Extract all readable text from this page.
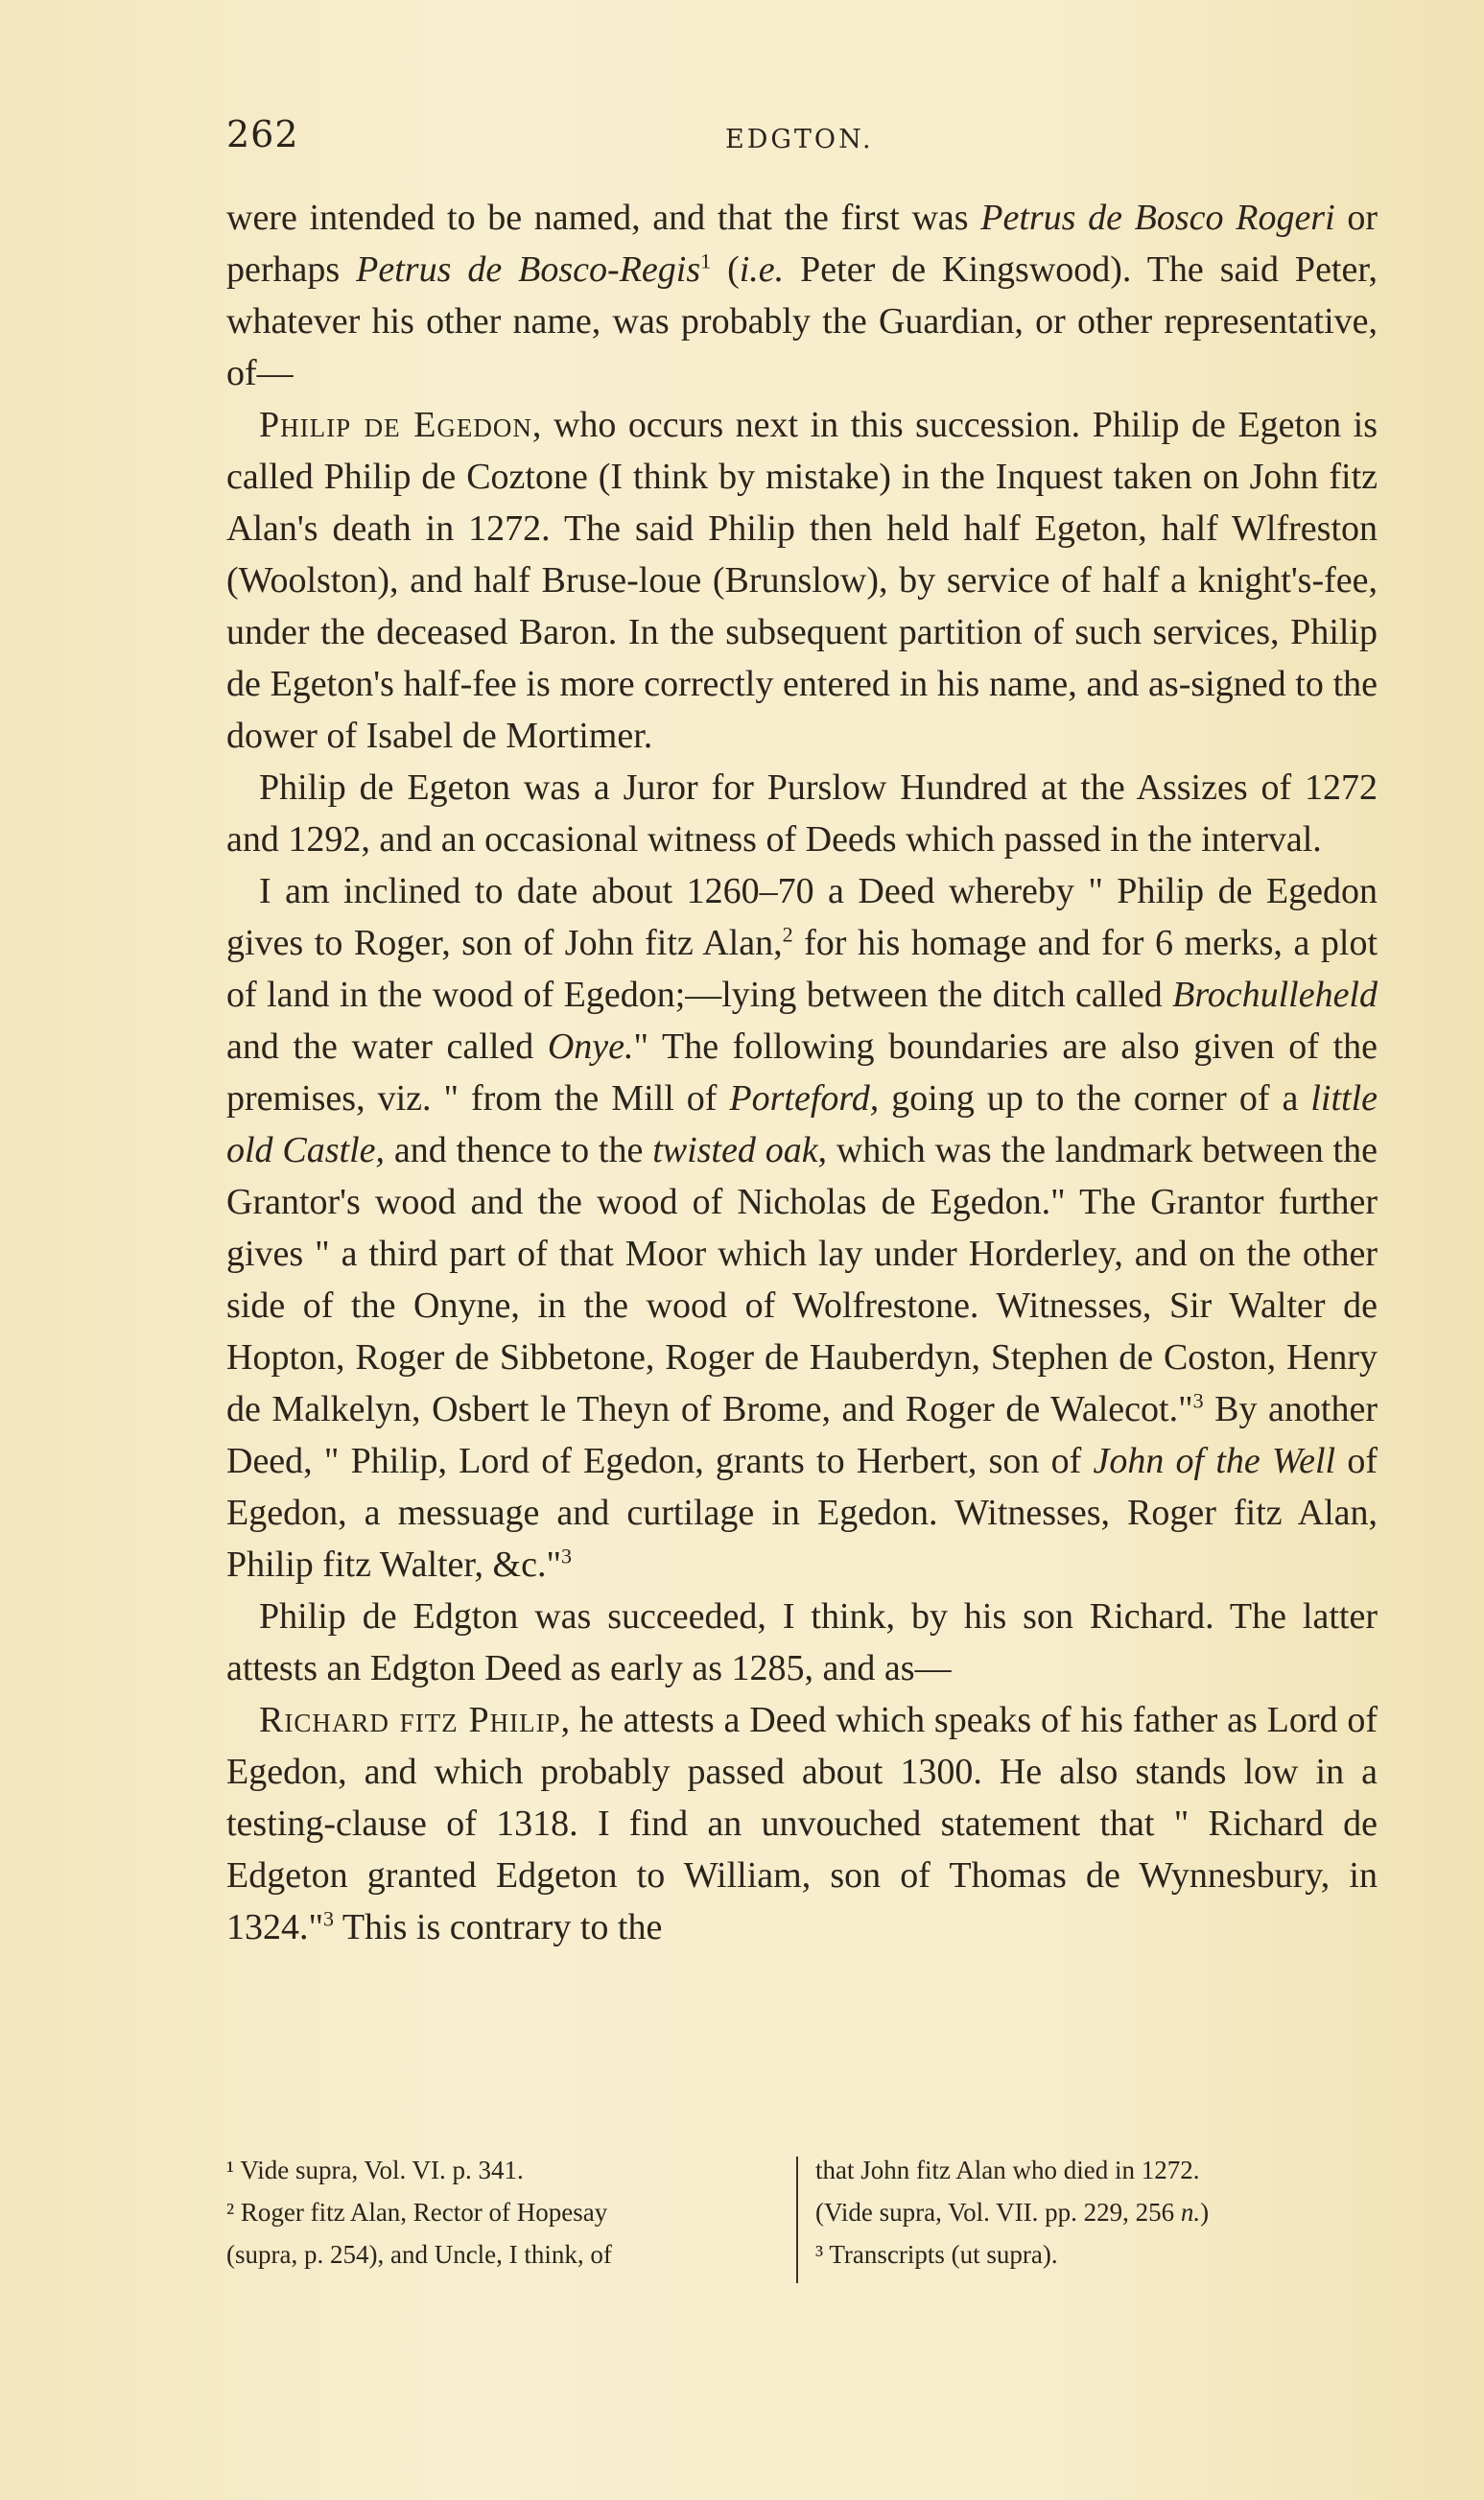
262	EDGTON.

were intended to be named, and that the first was Petrus de Bosco Rogeri or perhaps Petrus de Bosco-Regis$^1$ (i.e. Peter de Kingswood). The said Peter, whatever his other name, was probably the Guardian, or other representative, of—

Philip de Egedon, who occurs next in this succession. Philip de Egeton is called Philip de Coztone (I think by mistake) in the Inquest taken on John fitz Alan's death in 1272. The said Philip then held half Egeton, half Wlfreston (Woolston), and half Bruse-loue (Brunslow), by service of half a knight's-fee, under the deceased Baron. In the subsequent partition of such services, Philip de Egeton's half-fee is more correctly entered in his name, and as-signed to the dower of Isabel de Mortimer.

Philip de Egeton was a Juror for Purslow Hundred at the Assizes of 1272 and 1292, and an occasional witness of Deeds which passed in the interval.

I am inclined to date about 1260–70 a Deed whereby " Philip de Egedon gives to Roger, son of John fitz Alan,$^2$ for his homage and for 6 merks, a plot of land in the wood of Egedon;—lying between the ditch called Brochulleheld and the water called Onye." The following boundaries are also given of the premises, viz. " from the Mill of Porteford, going up to the corner of a little old Castle, and thence to the twisted oak, which was the landmark between the Grantor's wood and the wood of Nicholas de Egedon." The Grantor further gives " a third part of that Moor which lay under Horderley, and on the other side of the Onyne, in the wood of Wolfrestone. Witnesses, Sir Walter de Hopton, Roger de Sibbetone, Roger de Hauberdyn, Stephen de Coston, Henry de Malkelyn, Osbert le Theyn of Brome, and Roger de Walecot."$^3$ By another Deed, " Philip, Lord of Egedon, grants to Herbert, son of John of the Well of Egedon, a messuage and curtilage in Egedon. Witnesses, Roger fitz Alan, Philip fitz Walter, &c."$^3$

Philip de Edgton was succeeded, I think, by his son Richard. The latter attests an Edgton Deed as early as 1285, and as—

Richard fitz Philip, he attests a Deed which speaks of his father as Lord of Egedon, and which probably passed about 1300. He also stands low in a testing-clause of 1318. I find an unvouched statement that " Richard de Edgeton granted Edgeton to William, son of Thomas de Wynnesbury, in 1324."$^3$ This is contrary to the

¹ Vide supra, Vol. VI. p. 341.
² Roger fitz Alan, Rector of Hopesay
(supra, p. 254), and Uncle, I think, of
that John fitz Alan who died in 1272.
(Vide supra, Vol. VII. pp. 229, 256 n.)
³ Transcripts (ut supra).
